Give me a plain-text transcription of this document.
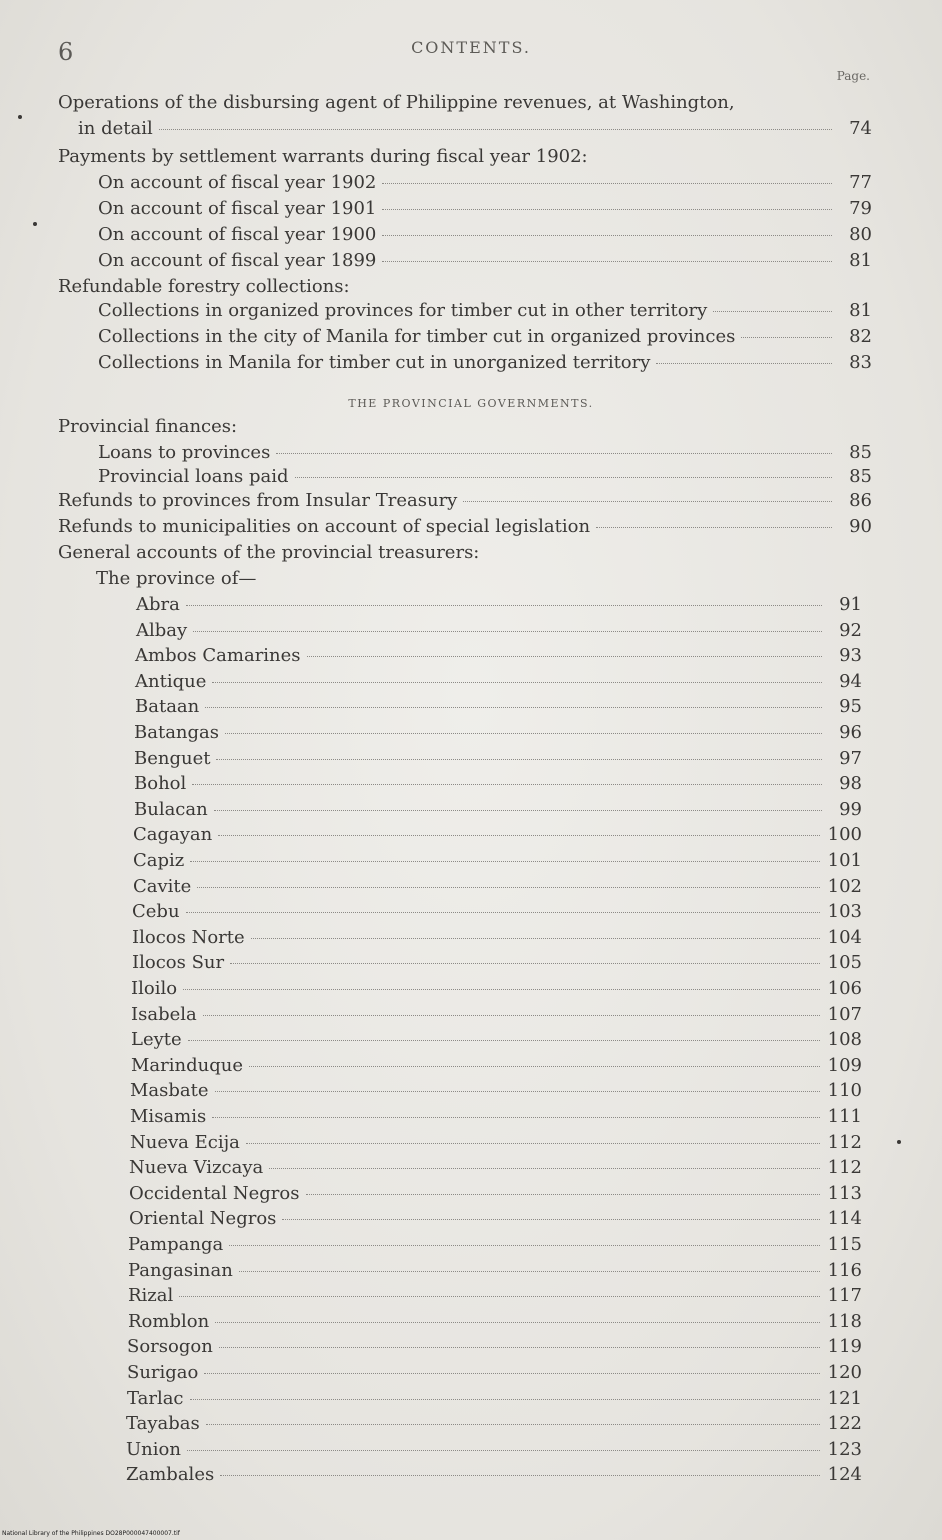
6	CONTENTS.
Page.
Operations of the disbursing agent of Philippine revenues, at Washington,
in detail	74
Payments by settlement warrants during fiscal year 1902:
On account of fiscal year 1902	77
On account of fiscal year 1901	79
On account of fiscal year 1900	80
On account of fiscal year 1899	81
Refundable forestry collections:
Collections in organized provinces for timber cut in other territory	81
Collections in the city of Manila for timber cut in organized provinces	82
Collections in Manila for timber cut in unorganized territory	83
THE PROVINCIAL GOVERNMENTS.
Provincial finances:
Loans to provinces	85
Provincial loans paid	85
Refunds to provinces from Insular Treasury	86
Refunds to municipalities on account of special legislation	90
General accounts of the provincial treasurers:
The province of—
Abra	91
Albay	92
Ambos Camarines	93
Antique	94
Bataan	95
Batangas	96
Benguet	97
Bohol	98
Bulacan	99
Cagayan	100
Capiz	101
Cavite	102
Cebu	103
Ilocos Norte	104
Ilocos Sur	105
Iloilo	106
Isabela	107
Leyte	108
Marinduque	109
Masbate	110
Misamis	111
Nueva Ecija	112
Nueva Vizcaya	112
Occidental Negros	113
Oriental Negros	114
Pampanga	115
Pangasinan	116
Rizal	117
Romblon	118
Sorsogon	119
Surigao	120
Tarlac	121
Tayabas	122
Union	123
Zambales	124
National Library of the Philippines DO28P000047400007.tif
